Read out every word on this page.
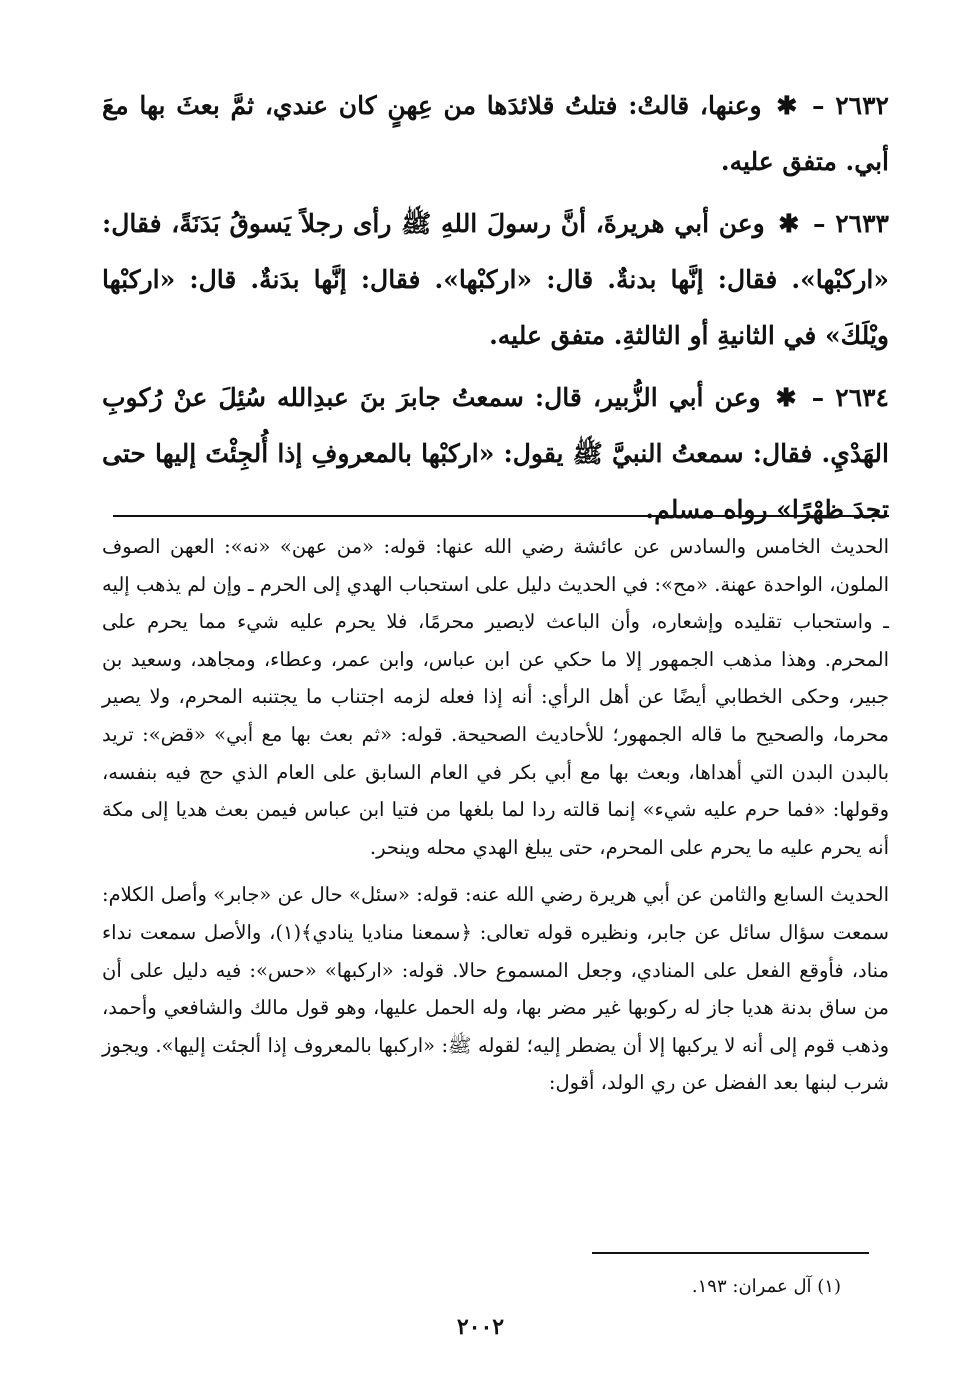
٢٦٣٢ – ✱ وعنها، قالتْ: فتلتُ قلائدَها من عِهنٍ كان عندي، ثمَّ بعثَ بها معَ أبي. متفق عليه.

٢٦٣٣ – ✱ وعن أبي هريرةَ، أنَّ رسولَ اللهِ ﷺ رأى رجلاً يَسوقُ بَدَنَةً، فقال: «اركبْها». فقال: إنَّها بدنةٌ. قال: «اركبْها». فقال: إنَّها بدَنةٌ. قال: «اركبْها ويْلَكَ» في الثانيةِ أو الثالثةِ. متفق عليه.

٢٦٣٤ – ✱ وعن أبي الزُّبير، قال: سمعتُ جابرَ بنَ عبدِالله سُئِلَ عنْ رُكوبِ الهَدْيِ. فقال: سمعتُ النبيَّ ﷺ يقول: «اركبْها بالمعروفِ إذا أُلجِئْتَ إليها حتى تجدَ ظهْرًا» رواه مسلم.

الحديث الخامس والسادس عن عائشة رضي الله عنها: قوله: «من عهن» «نه»: العهن الصوف الملون، الواحدة عهنة. «مح»: في الحديث دليل على استحباب الهدي إلى الحرم ـ وإن لم يذهب إليه ـ واستحباب تقليده وإشعاره، وأن الباعث لايصير محرمًا، فلا يحرم عليه شيء مما يحرم على المحرم. وهذا مذهب الجمهور إلا ما حكي عن ابن عباس، وابن عمر، وعطاء، ومجاهد، وسعيد بن جبير، وحكى الخطابي أيضًا عن أهل الرأي: أنه إذا فعله لزمه اجتناب ما يجتنبه المحرم، ولا يصير محرما، والصحيح ما قاله الجمهور؛ للأحاديث الصحيحة. قوله: «ثم بعث بها مع أبي» «قض»: تريد بالبدن البدن التي أهداها، وبعث بها مع أبي بكر في العام السابق على العام الذي حج فيه بنفسه، وقولها: «فما حرم عليه شيء» إنما قالته ردا لما بلغها من فتيا ابن عباس فيمن بعث هديا إلى مكة أنه يحرم عليه ما يحرم على المحرم، حتى يبلغ الهدي محله وينحر.

الحديث السابع والثامن عن أبي هريرة رضي الله عنه: قوله: «سئل» حال عن «جابر» وأصل الكلام: سمعت سؤال سائل عن جابر، ونظيره قوله تعالى: ﴿سمعنا مناديا ينادي﴾(١)، والأصل سمعت نداء مناد، فأوقع الفعل على المنادي، وجعل المسموع حالا. قوله: «اركبها» «حس»: فيه دليل على أن من ساق بدنة هديا جاز له ركوبها غير مضر بها، وله الحمل عليها، وهو قول مالك والشافعي وأحمد، وذهب قوم إلى أنه لا يركبها إلا أن يضطر إليه؛ لقوله ﷺ: «اركبها بالمعروف إذا ألجئت إليها». ويجوز شرب لبنها بعد الفضل عن ري الولد، أقول:

(١) آل عمران: ١٩٣.
٢٠٠٢
